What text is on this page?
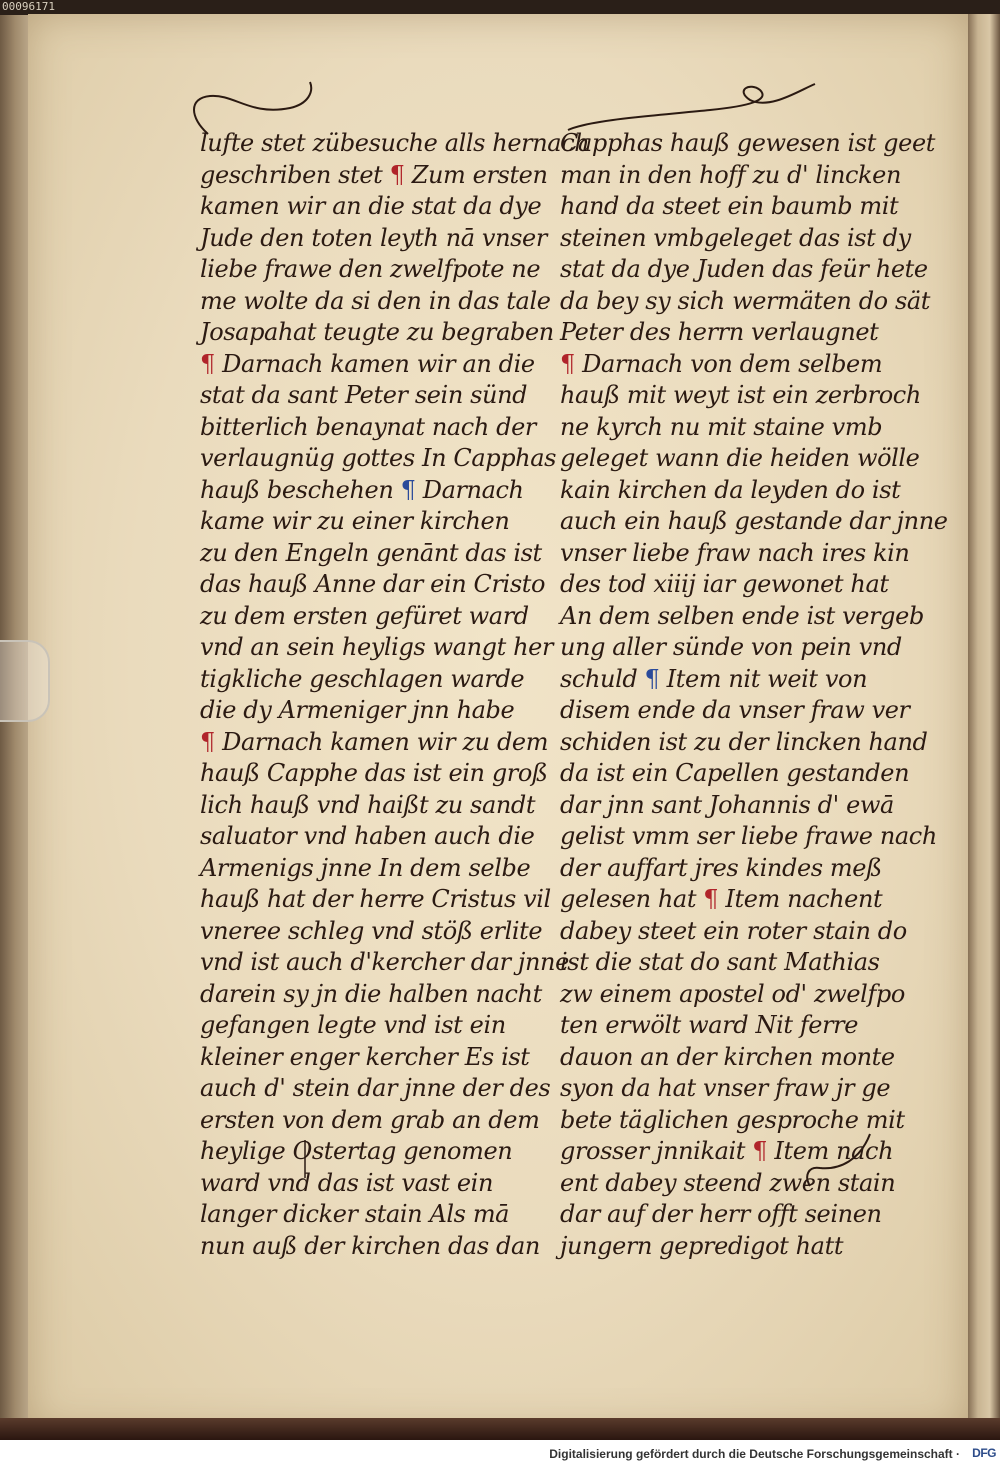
00096171
lufte stet zübesuche alls hernach
geschriben stet ¶ Zum ersten
kamen wir an die stat da dye
Jude den toten leyth nā vnser
liebe frawe den zwelfpote ne
me wolte da si den in das tale
Josapahat teugte zu begraben
¶ Darnach kamen wir an die
stat da sant Peter sein sünd
bitterlich benaynat nach der
verlaugnüg gottes In Capphas
hauß beschehen ¶ Darnach
kame wir zu einer kirchen
zu den Engeln genānt das ist
das hauß Anne dar ein Cristo
zu dem ersten gefüret ward
vnd an sein heyligs wangt her
tigkliche geschlagen warde
die dy Armeniger jnn habe
¶ Darnach kamen wir zu dem
hauß Capphe das ist ein groß
lich hauß vnd haißt zu sandt
saluator vnd haben auch die
Armenigs jnne In dem selbe
hauß hat der herre Cristus vil
vneree schleg vnd stöß erlite
vnd ist auch d'kercher dar jnne
darein sy jn die halben nacht
gefangen legte vnd ist ein
kleiner enger kercher Es ist
auch d' stein dar jnne der des
ersten von dem grab an dem
heylige Ostertag genomen
ward vnd das ist vast ein
langer dicker stain Als mā
nun auß der kirchen das dan
Capphas hauß gewesen ist geet
man in den hoff zu d' lincken
hand da steet ein baumb mit
steinen vmbgeleget das ist dy
stat da dye Juden das feür hete
da bey sy sich wermäten do sät
Peter des herrn verlaugnet
¶ Darnach von dem selbem
hauß mit weyt ist ein zerbroch
ne kyrch nu mit staine vmb
geleget wann die heiden wölle
kain kirchen da leyden do ist
auch ein hauß gestande dar jnne
vnser liebe fraw nach ires kin
des tod xiiij iar gewonet hat
An dem selben ende ist vergeb
ung aller sünde von pein vnd
schuld ¶ Item nit weit von
disem ende da vnser fraw ver
schiden ist zu der lincken hand
da ist ein Capellen gestanden
dar jnn sant Johannis d' ewā
gelist vmm ser liebe frawe nach
der auffart jres kindes meß
gelesen hat ¶ Item nachent
dabey steet ein roter stain do
ist die stat do sant Mathias
zw einem apostel od' zwelfpo
ten erwölt ward Nit ferre
dauon an der kirchen monte
syon da hat vnser fraw jr ge
bete täglichen gesproche mit
grosser jnnikait ¶ Item nach
ent dabey steend zwen stain
dar auf der herr offt seinen
jungern gepredigot hatt
Digitalisierung gefördert durch die Deutsche Forschungsgemeinschaft · DFG
